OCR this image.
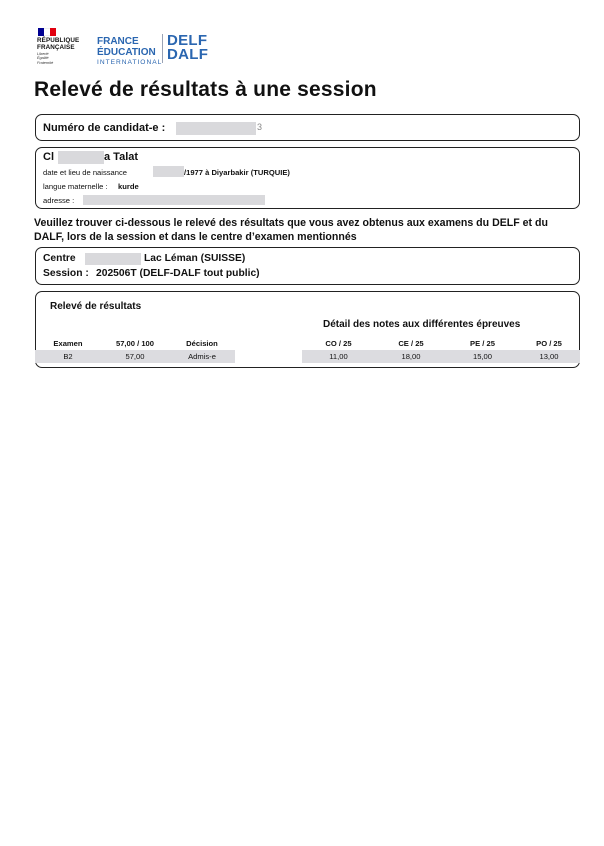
RÉPUBLIQUE
FRANÇAISE
Liberté
Égalité
Fraternité
FRANCE
ÉDUCATION
INTERNATIONAL
DELF
DALF
Relevé de résultats à une session
Numéro de candidat-e :	3
Cl	a Talat
date et lieu de naissance	/1977 à Diyarbakir (TURQUIE)
langue maternelle : kurde
adresse :
Veuillez trouver ci-dessous le relevé des résultats que vous avez obtenus aux examens du DELF et du DALF, lors de la session et dans le centre d’examen mentionnés
Centre	Lac Léman (SUISSE)
Session : 202506T (DELF-DALF tout public)
Relevé de résultats
Détail des notes aux différentes épreuves
Examen	57,00 / 100	Décision		CO / 25	CE / 25	PE / 25	PO / 25
B2	57,00	Admis-e		11,00	18,00	15,00	13,00
